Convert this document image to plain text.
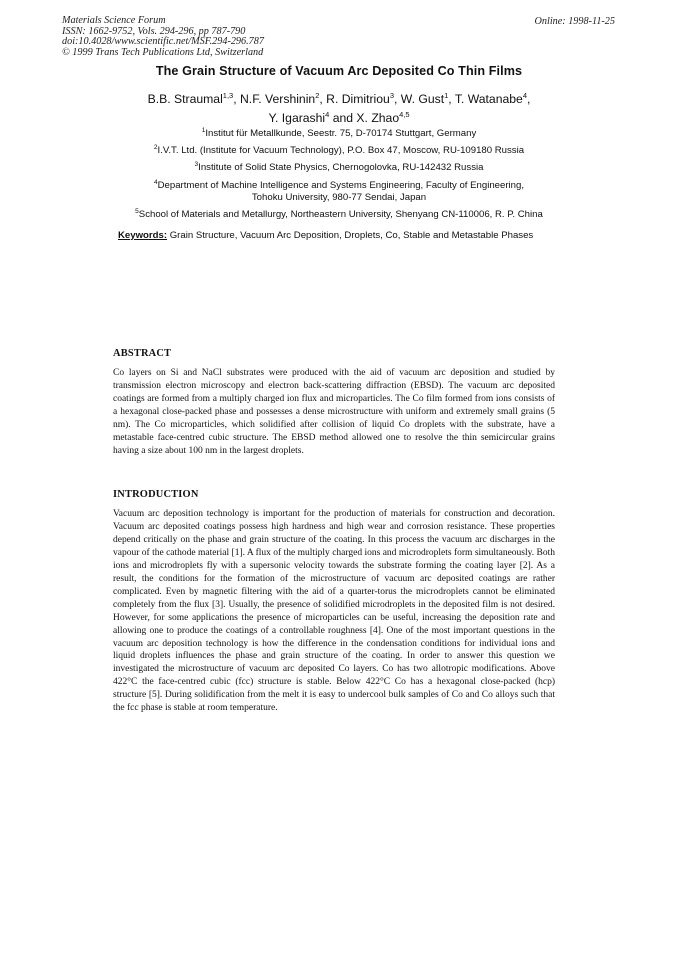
Materials Science Forum
ISSN: 1662-9752, Vols. 294-296, pp 787-790
doi:10.4028/www.scientific.net/MSF.294-296.787
© 1999 Trans Tech Publications Ltd, Switzerland
Online: 1998-11-25
The Grain Structure of Vacuum Arc Deposited Co Thin Films
B.B. Straumal$^{1,3}$, N.F. Vershinin$^2$, R. Dimitriou$^3$, W. Gust$^1$, T. Watanabe$^4$,
Y. Igarashi$^4$ and X. Zhao$^{4,5}$
$^1$Institut für Metallkunde, Seestr. 75, D-70174 Stuttgart, Germany
$^2$I.V.T. Ltd. (Institute for Vacuum Technology), P.O. Box 47, Moscow, RU-109180 Russia
$^3$Institute of Solid State Physics, Chernogolovka, RU-142432 Russia
$^4$Department of Machine Intelligence and Systems Engineering, Faculty of Engineering,
Tohoku University, 980-77 Sendai, Japan
$^5$School of Materials and Metallurgy, Northeastern University, Shenyang CN-110006, R. P. China
Keywords: Grain Structure, Vacuum Arc Deposition, Droplets, Co, Stable and Metastable Phases
ABSTRACT
Co layers on Si and NaCl substrates were produced with the aid of vacuum arc deposition and studied by transmission electron microscopy and electron back-scattering diffraction (EBSD). The vacuum arc deposited coatings are formed from a multiply charged ion flux and microparticles. The Co film formed from ions consists of a hexagonal close-packed phase and possesses a dense microstructure with uniform and extremely small grains (5 nm). The Co microparticles, which solidified after collision of liquid Co droplets with the substrate, have a metastable face-centred cubic structure. The EBSD method allowed one to resolve the thin semicircular grains having a size about 100 nm in the largest droplets.
INTRODUCTION
Vacuum arc deposition technology is important for the production of materials for construction and decoration. Vacuum arc deposited coatings possess high hardness and high wear and corrosion resistance. These properties depend critically on the phase and grain structure of the coating. In this process the vacuum arc discharges in the vapour of the cathode material [1]. A flux of the multiply charged ions and microdroplets form simultaneously. Both ions and microdroplets fly with a supersonic velocity towards the substrate forming the coating layer [2]. As a result, the conditions for the formation of the microstructure of vacuum arc deposited coatings are rather complicated. Even by magnetic filtering with the aid of a quarter-torus the microdroplets cannot be eliminated completely from the flux [3]. Usually, the presence of solidified microdroplets in the deposited film is not desired. However, for some applications the presence of microparticles can be useful, increasing the deposition rate and allowing one to produce the coatings of a controllable roughness [4]. One of the most important questions in the vacuum arc deposition technology is how the difference in the condensation conditions for individual ions and liquid droplets influences the phase and grain structure of the coating. In order to answer this question we investigated the microstructure of vacuum arc deposited Co layers. Co has two allotropic modifications. Above 422°C the face-centred cubic (fcc) structure is stable. Below 422°C Co has a hexagonal close-packed (hcp) structure [5]. During solidification from the melt it is easy to undercool bulk samples of Co and Co alloys such that the fcc phase is stable at room temperature.
